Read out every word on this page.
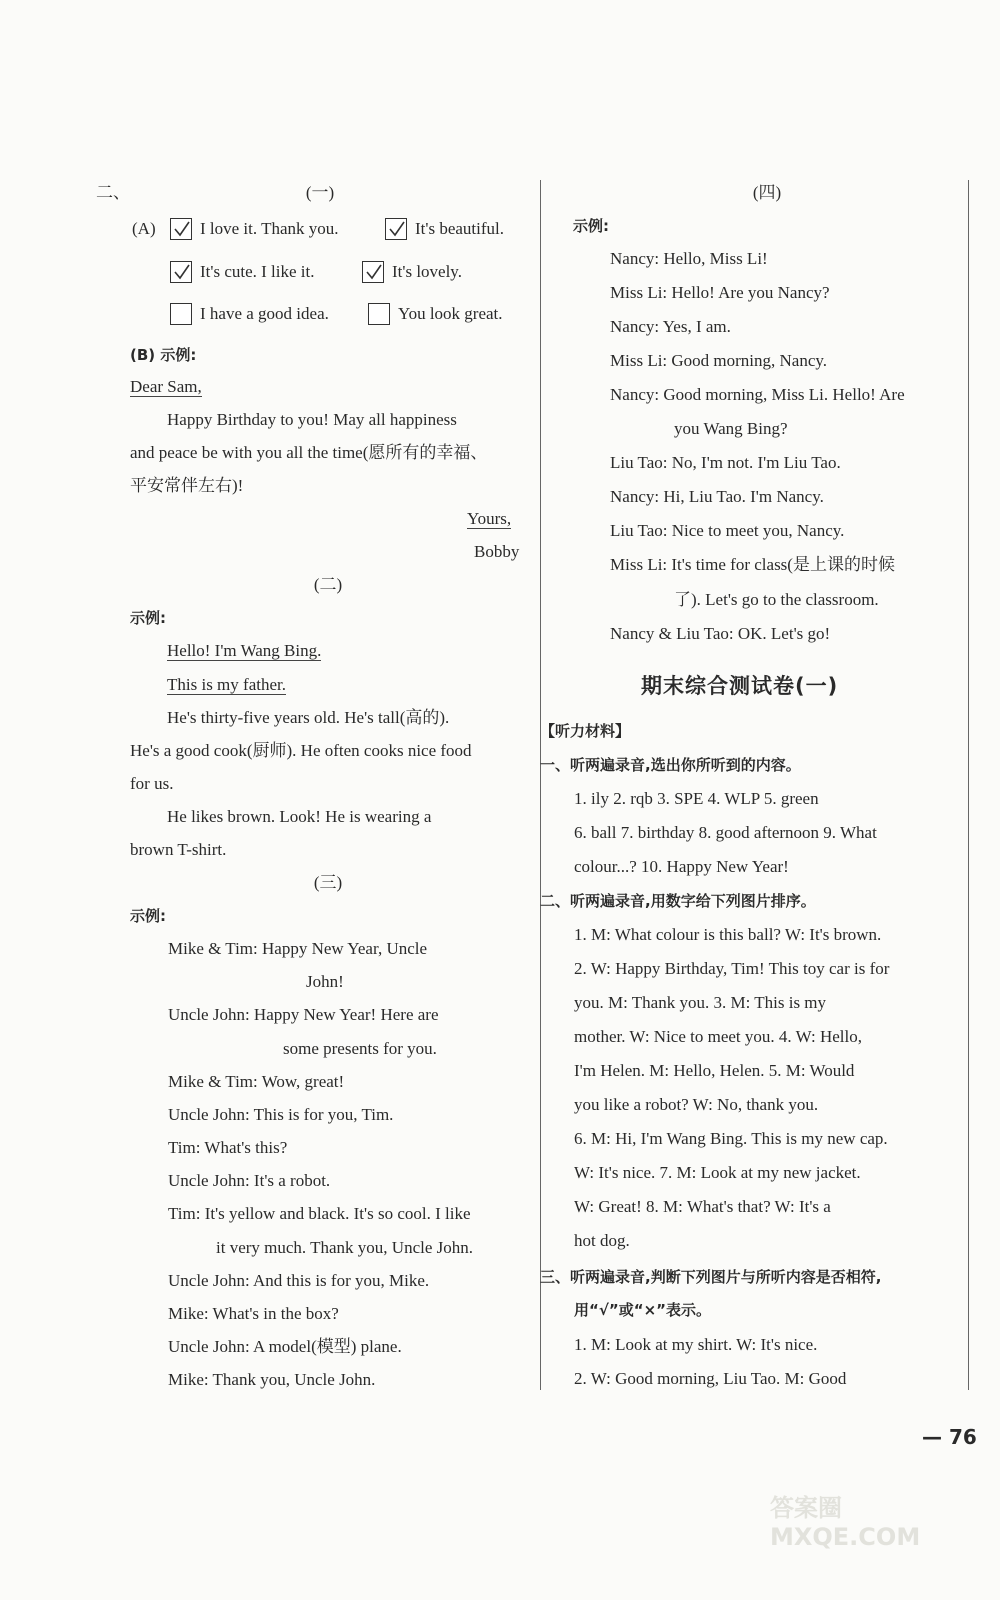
二、	(一)
(A)	I love it. Thank you.	It's beautiful.
It's cute. I like it.	It's lovely.
I have a good idea.	You look great.
(B) 示例:
Dear Sam,
Happy Birthday to you! May all happiness
and peace be with you all the time(愿所有的幸福、
平安常伴左右)!
Yours,
Bobby
(二)
示例:
Hello! I'm Wang Bing.
This is my father.
He's thirty-five years old. He's tall(高的).
He's a good cook(厨师). He often cooks nice food
for us.
He likes brown. Look! He is wearing a
brown T-shirt.
(三)
示例:
Mike & Tim: Happy New Year, Uncle
John!
Uncle John: Happy New Year! Here are
some presents for you.
Mike & Tim: Wow, great!
Uncle John: This is for you, Tim.
Tim: What's this?
Uncle John: It's a robot.
Tim: It's yellow and black. It's so cool. I like
it very much. Thank you, Uncle John.
Uncle John: And this is for you, Mike.
Mike: What's in the box?
Uncle John: A model(模型) plane.
Mike: Thank you, Uncle John.
(四)
示例:
Nancy: Hello, Miss Li!
Miss Li: Hello! Are you Nancy?
Nancy: Yes, I am.
Miss Li: Good morning, Nancy.
Nancy: Good morning, Miss Li. Hello! Are
you Wang Bing?
Liu Tao: No, I'm not. I'm Liu Tao.
Nancy: Hi, Liu Tao. I'm Nancy.
Liu Tao: Nice to meet you, Nancy.
Miss Li: It's time for class(是上课的时候
了). Let's go to the classroom.
Nancy & Liu Tao: OK. Let's go!
期末综合测试卷(一)
【听力材料】
一、听两遍录音,选出你所听到的内容。
1. ily 2. rqb 3. SPE 4. WLP 5. green
6. ball 7. birthday 8. good afternoon 9. What
colour...? 10. Happy New Year!
二、听两遍录音,用数字给下列图片排序。
1. M: What colour is this ball? W: It's brown.
2. W: Happy Birthday, Tim! This toy car is for
you. M: Thank you. 3. M: This is my
mother. W: Nice to meet you. 4. W: Hello,
I'm Helen. M: Hello, Helen. 5. M: Would
you like a robot? W: No, thank you.
6. M: Hi, I'm Wang Bing. This is my new cap.
W: It's nice. 7. M: Look at my new jacket.
W: Great! 8. M: What's that? W: It's a
hot dog.
三、听两遍录音,判断下列图片与所听内容是否相符,
用“√”或“×”表示。
1. M: Look at my shirt. W: It's nice.
2. W: Good morning, Liu Tao. M: Good
— 76
答案圈 MXQE.COM
